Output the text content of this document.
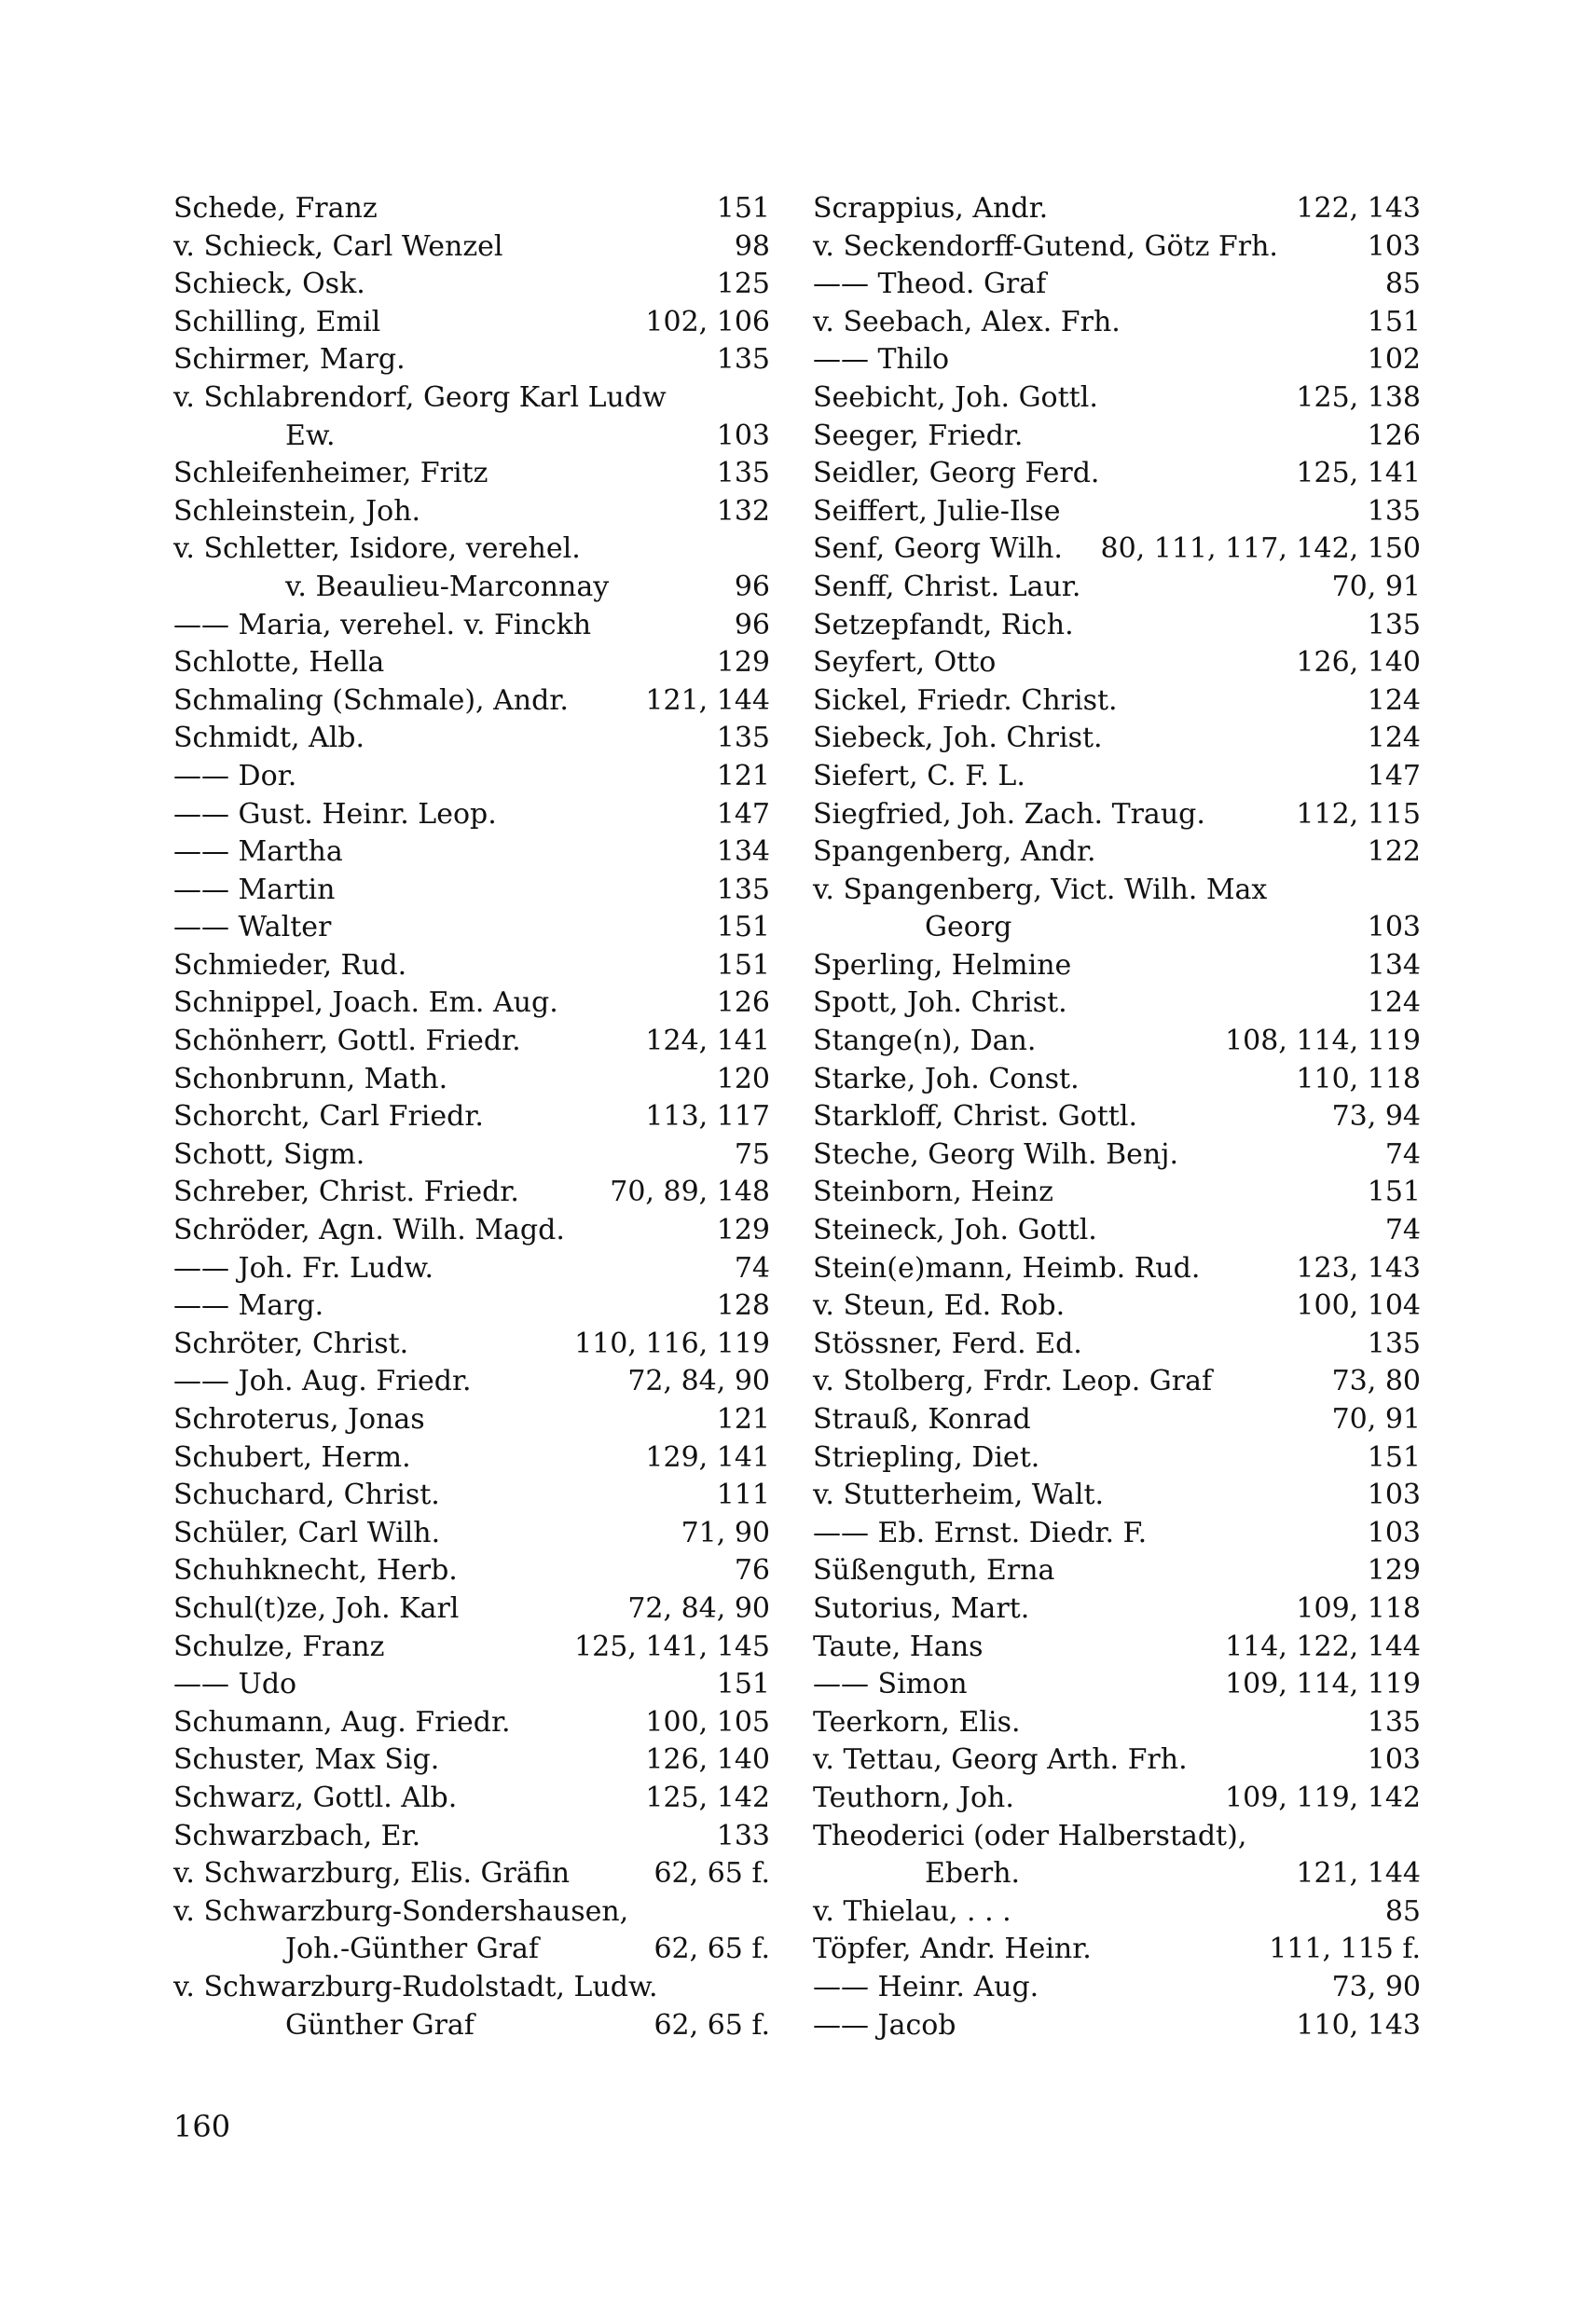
Schede, Franz	151
v. Schieck, Carl Wenzel	98
Schieck, Osk.	125
Schilling, Emil	102, 106
Schirmer, Marg.	135
v. Schlabrendorf, Georg Karl Ludw
Ew.	103
Schleifenheimer, Fritz	135
Schleinstein, Joh.	132
v. Schletter, Isidore, verehel.
v. Beaulieu-Marconnay	96
—— Maria, verehel. v. Finckh	96
Schlotte, Hella	129
Schmaling (Schmale), Andr.	121, 144
Schmidt, Alb.	135
—— Dor.	121
—— Gust. Heinr. Leop.	147
—— Martha	134
—— Martin	135
—— Walter	151
Schmieder, Rud.	151
Schnippel, Joach. Em. Aug.	126
Schönherr, Gottl. Friedr.	124, 141
Schonbrunn, Math.	120
Schorcht, Carl Friedr.	113, 117
Schott, Sigm.	75
Schreber, Christ. Friedr.	70, 89, 148
Schröder, Agn. Wilh. Magd.	129
—— Joh. Fr. Ludw.	74
—— Marg.	128
Schröter, Christ.	110, 116, 119
—— Joh. Aug. Friedr.	72, 84, 90
Schroterus, Jonas	121
Schubert, Herm.	129, 141
Schuchard, Christ.	111
Schüler, Carl Wilh.	71, 90
Schuhknecht, Herb.	76
Schul(t)ze, Joh. Karl	72, 84, 90
Schulze, Franz	125, 141, 145
—— Udo	151
Schumann, Aug. Friedr.	100, 105
Schuster, Max Sig.	126, 140
Schwarz, Gottl. Alb.	125, 142
Schwarzbach, Er.	133
v. Schwarzburg, Elis. Gräfin	62, 65 f.
v. Schwarzburg-Sondershausen,
Joh.-Günther Graf	62, 65 f.
v. Schwarzburg-Rudolstadt, Ludw.
Günther Graf	62, 65 f.
Scrappius, Andr.	122, 143
v. Seckendorff-Gutend, Götz Frh.	103
—— Theod. Graf	85
v. Seebach, Alex. Frh.	151
—— Thilo	102
Seebicht, Joh. Gottl.	125, 138
Seeger, Friedr.	126
Seidler, Georg Ferd.	125, 141
Seiffert, Julie-Ilse	135
Senf, Georg Wilh. 80, 111, 117, 142, 150
Senff, Christ. Laur.	70, 91
Setzepfandt, Rich.	135
Seyfert, Otto	126, 140
Sickel, Friedr. Christ.	124
Siebeck, Joh. Christ.	124
Siefert, C. F. L.	147
Siegfried, Joh. Zach. Traug.	112, 115
Spangenberg, Andr.	122
v. Spangenberg, Vict. Wilh. Max
Georg	103
Sperling, Helmine	134
Spott, Joh. Christ.	124
Stange(n), Dan.	108, 114, 119
Starke, Joh. Const.	110, 118
Starkloff, Christ. Gottl.	73, 94
Steche, Georg Wilh. Benj.	74
Steinborn, Heinz	151
Steineck, Joh. Gottl.	74
Stein(e)mann, Heimb. Rud.	123, 143
v. Steun, Ed. Rob.	100, 104
Stössner, Ferd. Ed.	135
v. Stolberg, Frdr. Leop. Graf	73, 80
Strauß, Konrad	70, 91
Striepling, Diet.	151
v. Stutterheim, Walt.	103
—— Eb. Ernst. Diedr. F.	103
Süßenguth, Erna	129
Sutorius, Mart.	109, 118
Taute, Hans	114, 122, 144
—— Simon	109, 114, 119
Teerkorn, Elis.	135
v. Tettau, Georg Arth. Frh.	103
Teuthorn, Joh.	109, 119, 142
Theoderici (oder Halberstadt),
Eberh.	121, 144
v. Thielau, . . .	85
Töpfer, Andr. Heinr.	111, 115 f.
—— Heinr. Aug.	73, 90
—— Jacob	110, 143
160
